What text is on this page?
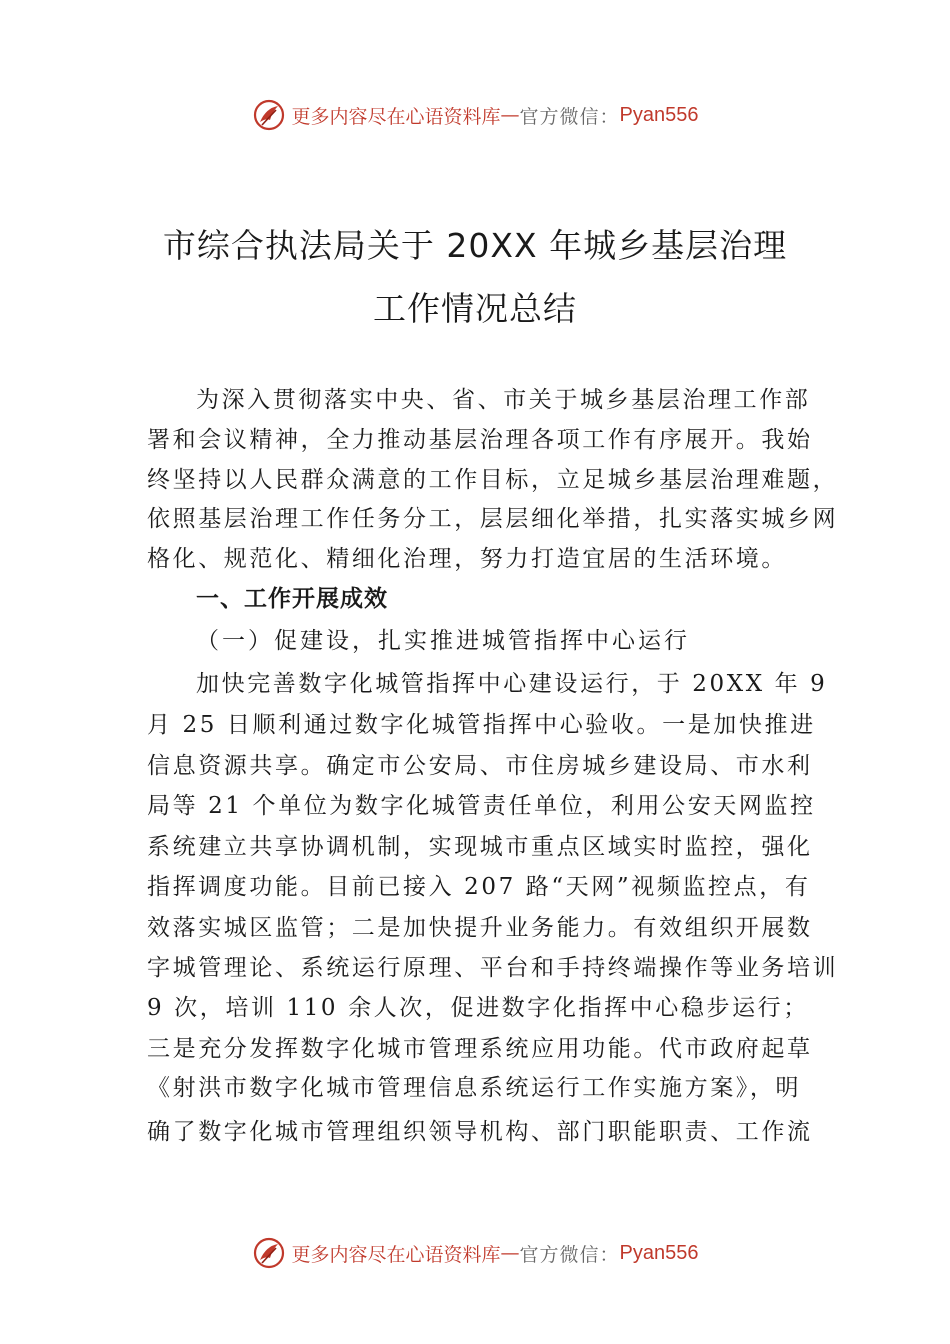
更多内容尽在心语资料库 — 官方微信： Pyan556
市综合执法局关于 20XX 年城乡基层治理
工作情况总结
为深入贯彻落实中央、省、市关于城乡基层治理工作部
署和会议精神，全力推动基层治理各项工作有序展开。我始
终坚持以人民群众满意的工作目标，立足城乡基层治理难题，
依照基层治理工作任务分工，层层细化举措，扎实落实城乡网
格化、规范化、精细化治理，努力打造宜居的生活环境。
一、工作开展成效
（一）促建设，扎实推进城管指挥中心运行
加快完善数字化城管指挥中心建设运行，于 20XX 年 9
月 25 日顺利通过数字化城管指挥中心验收。一是加快推进
信息资源共享。确定市公安局、市住房城乡建设局、市水利
局等 21 个单位为数字化城管责任单位，利用公安天网监控
系统建立共享协调机制，实现城市重点区域实时监控，强化
指挥调度功能。目前已接入 207 路“天网”视频监控点，有
效落实城区监管；二是加快提升业务能力。有效组织开展数
字城管理论、系统运行原理、平台和手持终端操作等业务培训
9 次，培训 110 余人次，促进数字化指挥中心稳步运行；
三是充分发挥数字化城市管理系统应用功能。代市政府起草
《射洪市数字化城市管理信息系统运行工作实施方案》，明
确了数字化城市管理组织领导机构、部门职能职责、工作流
更多内容尽在心语资料库 — 官方微信： Pyan556
